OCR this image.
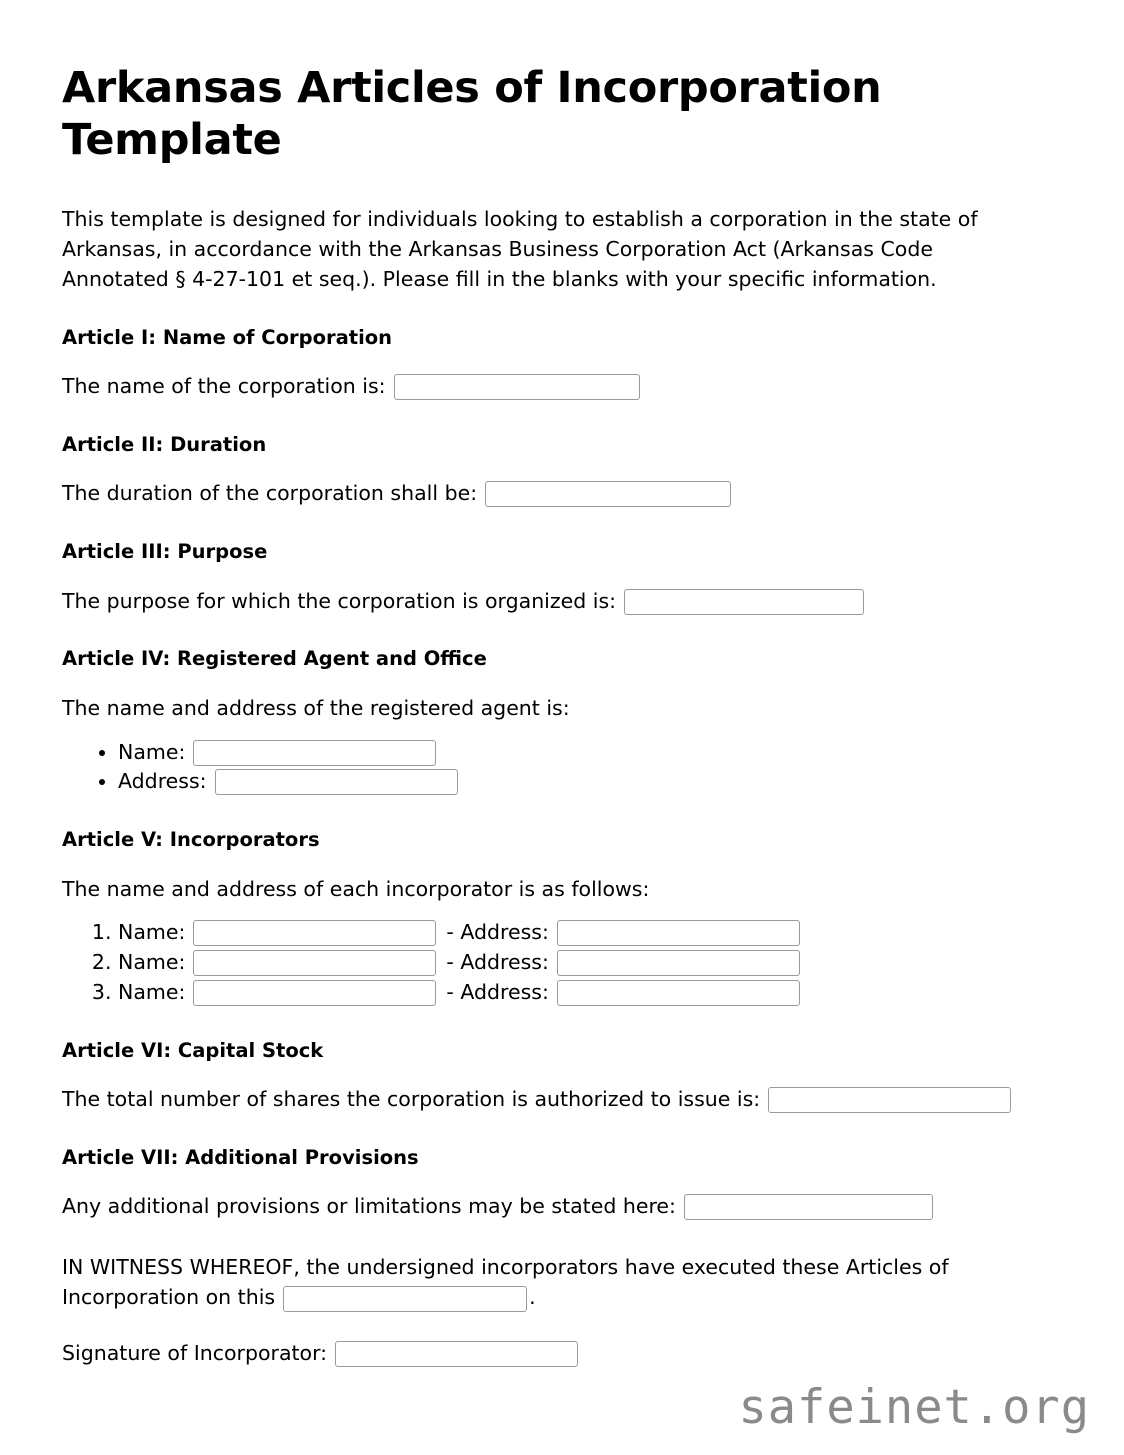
Arkansas Articles of Incorporation Template

This template is designed for individuals looking to establish a corporation in the state of Arkansas, in accordance with the Arkansas Business Corporation Act (Arkansas Code Annotated § 4-27-101 et seq.). Please fill in the blanks with your specific information.

Article I: Name of Corporation

The name of the corporation is:

Article II: Duration

The duration of the corporation shall be:

Article III: Purpose

The purpose for which the corporation is organized is:

Article IV: Registered Agent and Office

The name and address of the registered agent is:

• Name:
• Address:
Article V: Incorporators

The name and address of each incorporator is as follows:

1. Name:	- Address:
2. Name:	- Address:
3. Name:	- Address:
Article VI: Capital Stock

The total number of shares the corporation is authorized to issue is:

Article VII: Additional Provisions

Any additional provisions or limitations may be stated here:

IN WITNESS WHEREOF, the undersigned incorporators have executed these Articles of Incorporation on this	.

Signature of Incorporator:

safeinet.org
